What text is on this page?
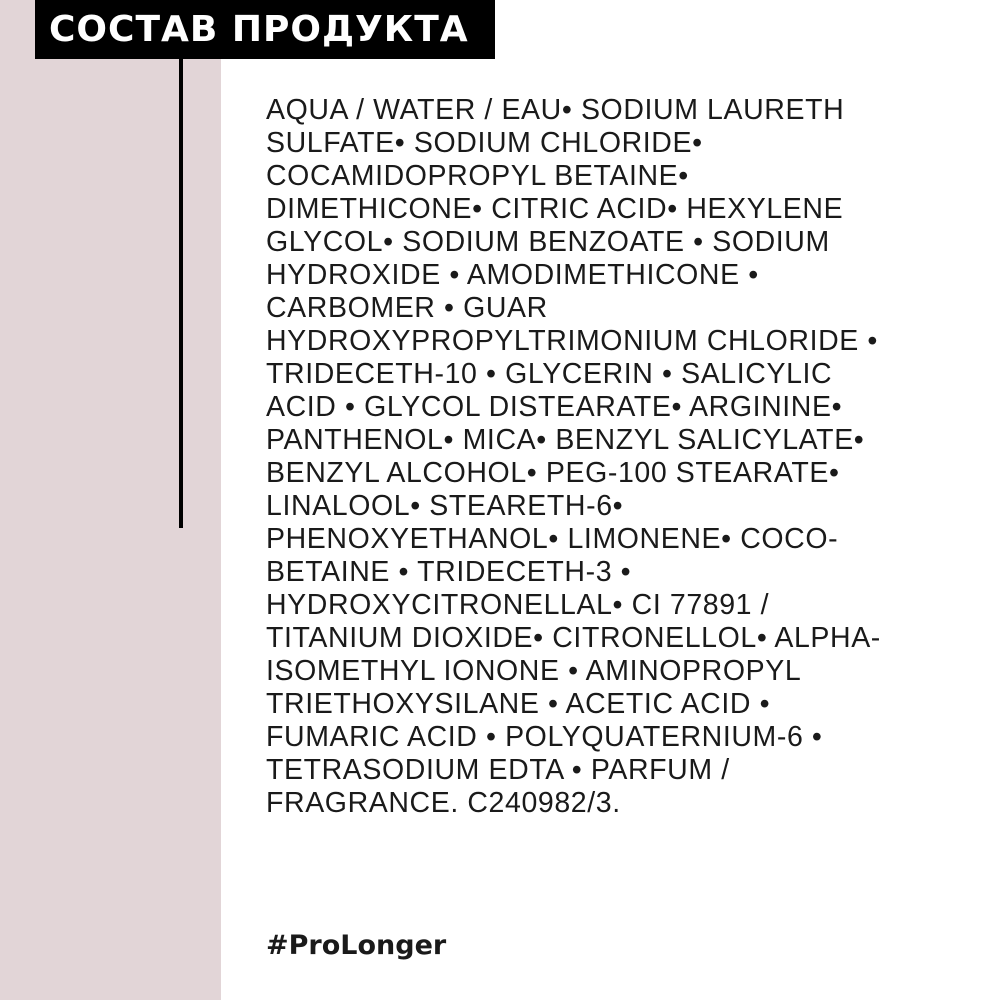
СОСТАВ ПРОДУКТА

AQUA / WATER / EAU• SODIUM LAURETH
SULFATE• SODIUM CHLORIDE•
COCAMIDOPROPYL BETAINE•
DIMETHICONE• CITRIC ACID• HEXYLENE
GLYCOL• SODIUM BENZOATE • SODIUM
HYDROXIDE • AMODIMETHICONE •
CARBOMER • GUAR
HYDROXYPROPYLTRIMONIUM CHLORIDE •
TRIDECETH-10 • GLYCERIN • SALICYLIC
ACID • GLYCOL DISTEARATE• ARGININE•
PANTHENOL• MICA• BENZYL SALICYLATE•
BENZYL ALCOHOL• PEG-100 STEARATE•
LINALOOL• STEARETH-6•
PHENOXYETHANOL• LIMONENE• COCO-
BETAINE • TRIDECETH-3 •
HYDROXYCITRONELLAL• CI 77891 /
TITANIUM DIOXIDE• CITRONELLOL• ALPHA-
ISOMETHYL IONONE • AMINOPROPYL
TRIETHOXYSILANE • ACETIC ACID •
FUMARIC ACID • POLYQUATERNIUM-6 •
TETRASODIUM EDTA • PARFUM /
FRAGRANCE. C240982/3.

#ProLonger
